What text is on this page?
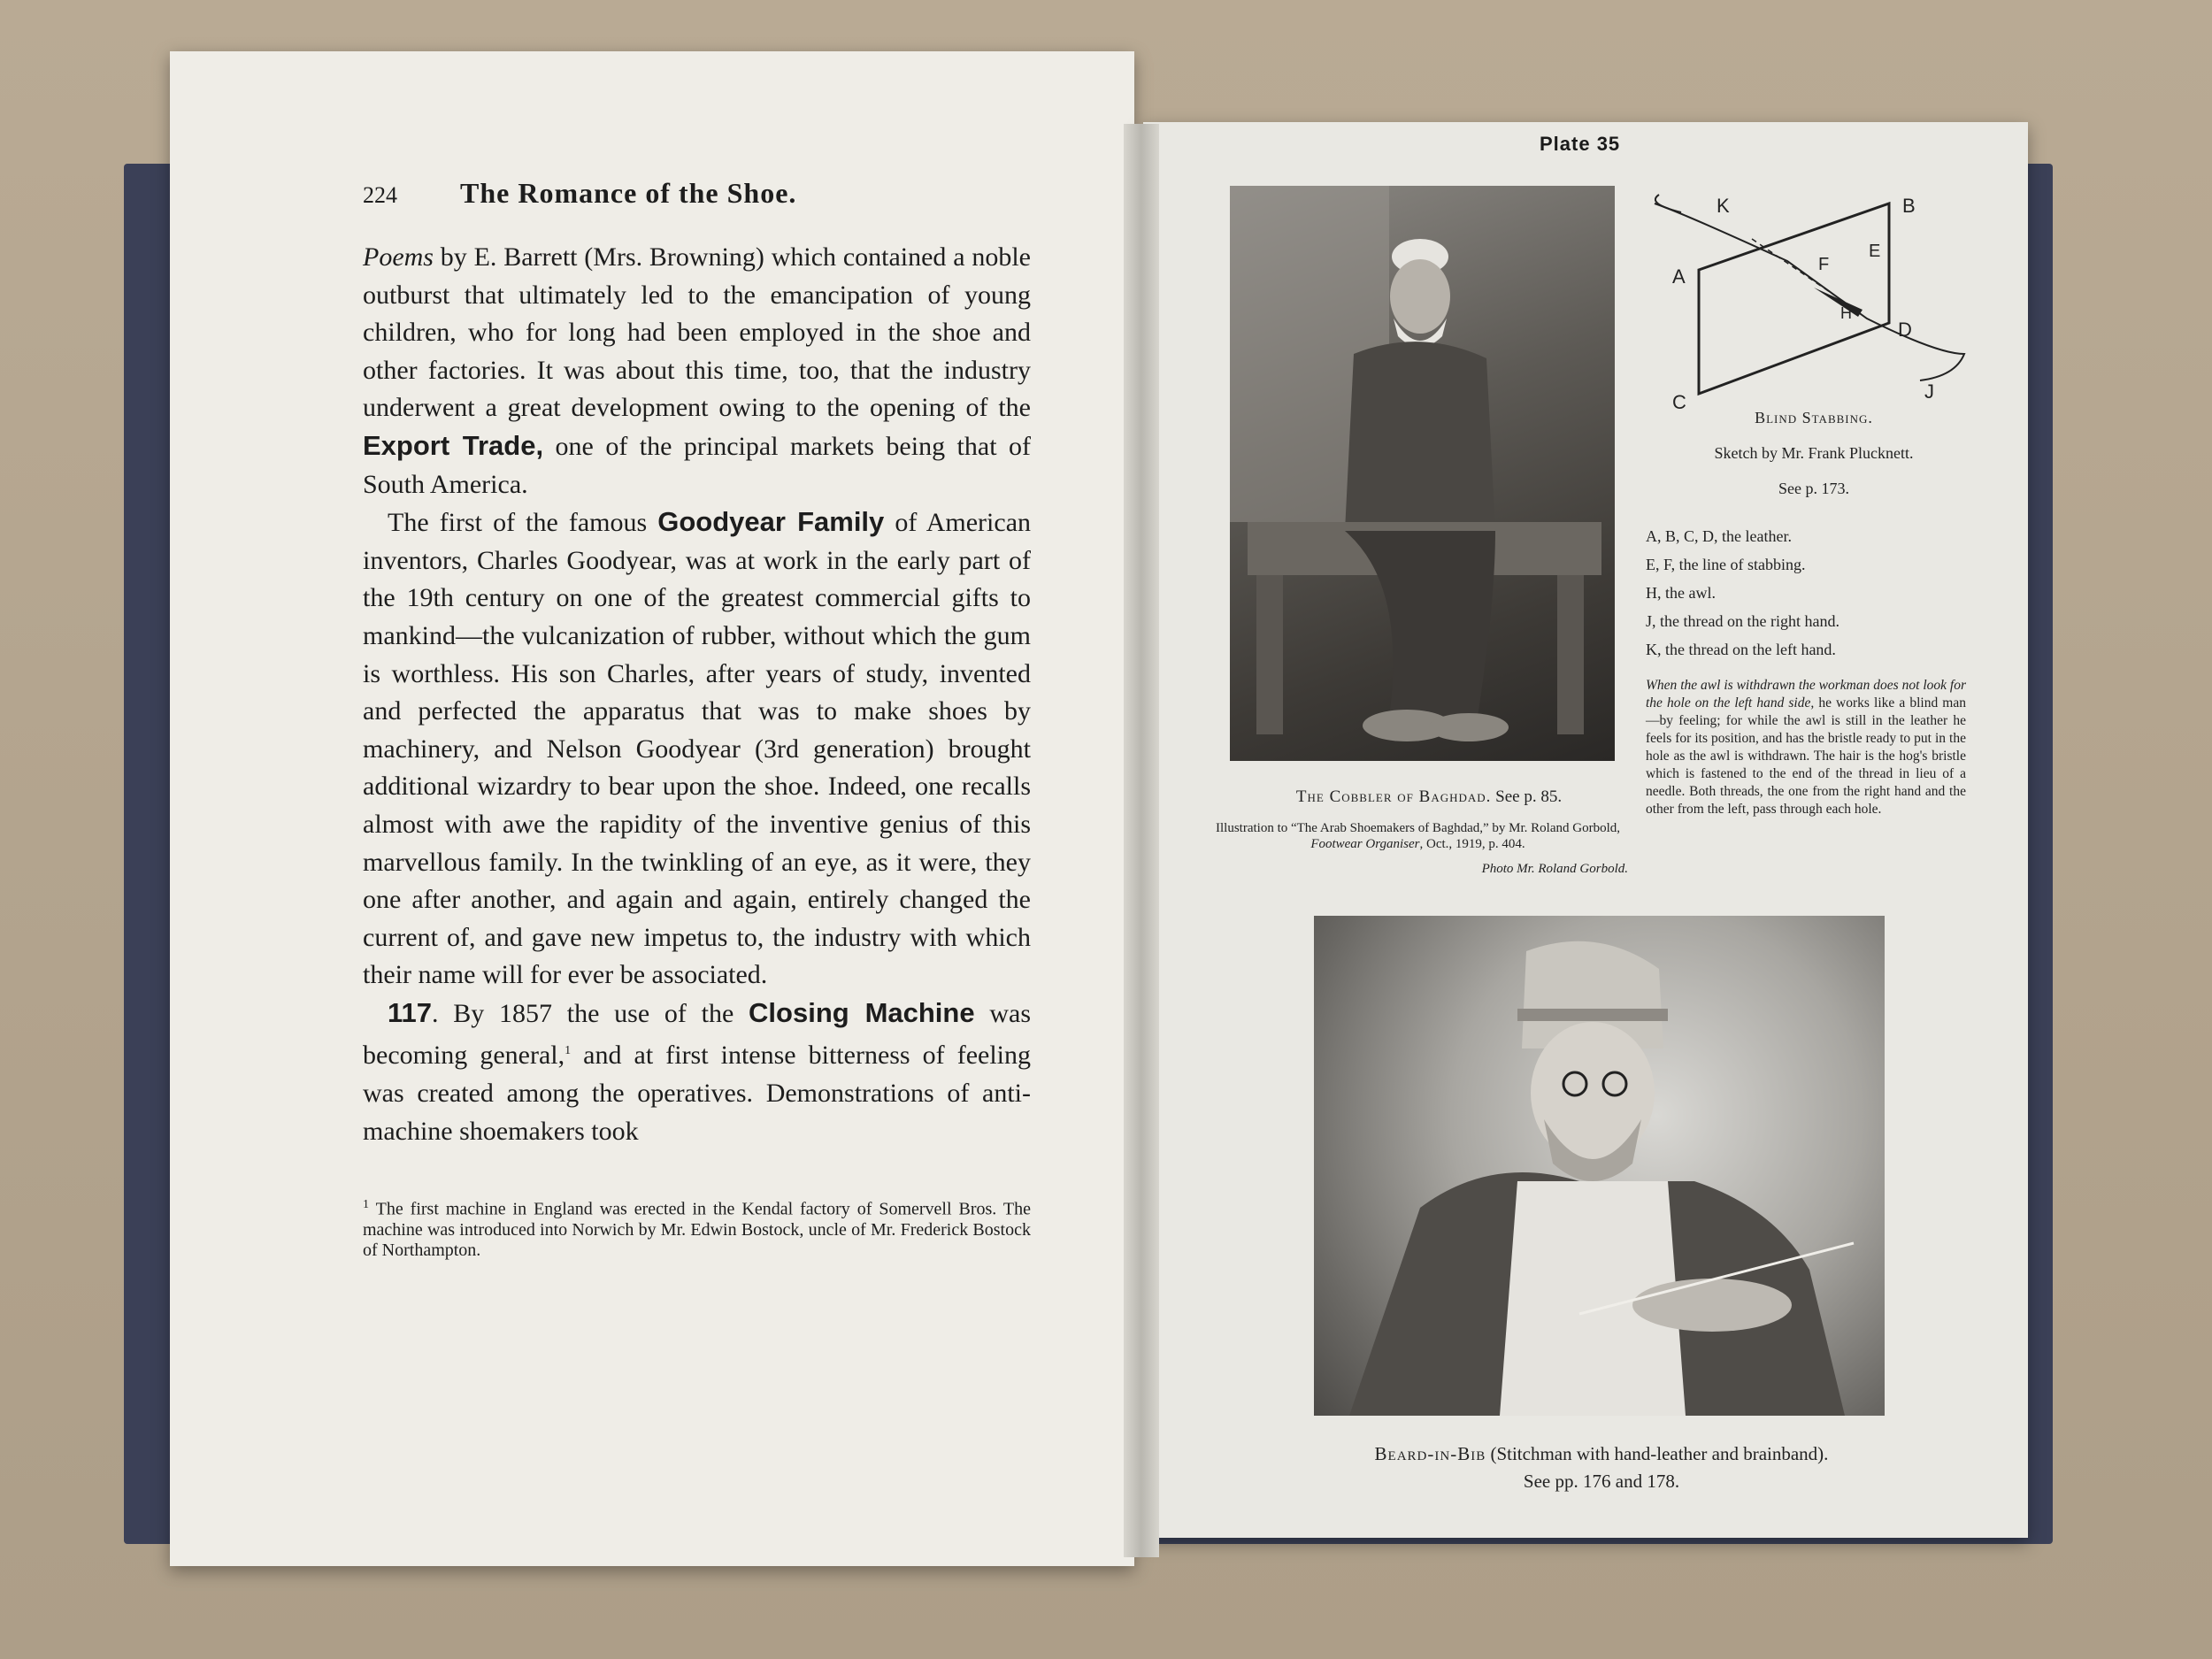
224	The Romance of the Shoe.

Poems by E. Barrett (Mrs. Browning) which contained a noble outburst that ultimately led to the emancipation of young children, who for long had been employed in the shoe and other factories. It was about this time, too, that the industry underwent a great development owing to the opening of the Export Trade, one of the principal markets being that of South America.

The first of the famous Goodyear Family of American inventors, Charles Goodyear, was at work in the early part of the 19th century on one of the greatest commercial gifts to mankind—the vulcanization of rubber, without which the gum is worthless. His son Charles, after years of study, invented and perfected the apparatus that was to make shoes by machinery, and Nelson Goodyear (3rd generation) brought additional wizardry to bear upon the shoe. Indeed, one recalls almost with awe the rapidity of the inventive genius of this marvellous family. In the twinkling of an eye, as it were, they one after another, and again and again, entirely changed the current of, and gave new impetus to, the industry with which their name will for ever be associated.

117. By 1857 the use of the Closing Machine was becoming general,$^1$ and at first intense bitterness of feeling was created among the operatives. Demonstrations of anti-machine shoemakers took

$^1$ The first machine in England was erected in the Kendal factory of Somervell Bros. The machine was introduced into Norwich by Mr. Edwin Bostock, uncle of Mr. Frederick Bostock of Northampton.

Plate 35
The Cobbler of Baghdad. See p. 85.
Illustration to “The Arab Shoemakers of Baghdad,” by Mr. Roland Gorbold, Footwear Organiser, Oct., 1919, p. 404.
Photo Mr. Roland Gorbold.
K	B
A
F
E
H
D
C	J
Blind Stabbing.
Sketch by Mr. Frank Plucknett.
See p. 173.
A, B, C, D, the leather.
E, F, the line of stabbing.
H, the awl.
J, the thread on the right hand.
K, the thread on the left hand.
When the awl is withdrawn the workman does not look for the hole on the left hand side, he works like a blind man—by feeling; for while the awl is still in the leather he feels for its position, and has the bristle ready to put in the hole as the awl is withdrawn. The hair is the hog's bristle which is fastened to the end of the thread in lieu of a needle. Both threads, the one from the right hand and the other from the left, pass through each hole.
Beard-in-Bib (Stitchman with hand-leather and brainband).
See pp. 176 and 178.
